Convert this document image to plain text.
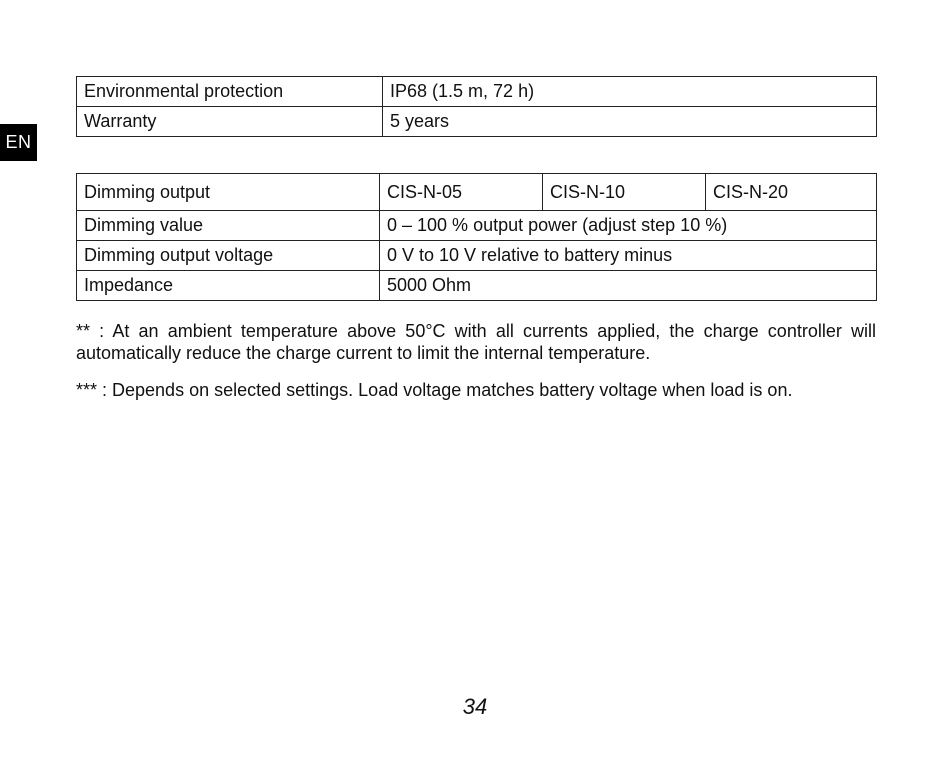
EN
Environmental protection	IP68 (1.5 m, 72 h)
Warranty	5 years
Dimming output	CIS-N-05	CIS-N-10	CIS-N-20
Dimming value	0 – 100 % output power (adjust step 10 %)		
Dimming output voltage	0 V to 10 V relative to battery minus		
Impedance	5000 Ohm		

** : At an ambient temperature above 50°C with all currents applied, the charge controller will automatically reduce the charge current to limit the internal temperature.

*** : Depends on selected settings. Load voltage matches battery voltage when load is on.

34
